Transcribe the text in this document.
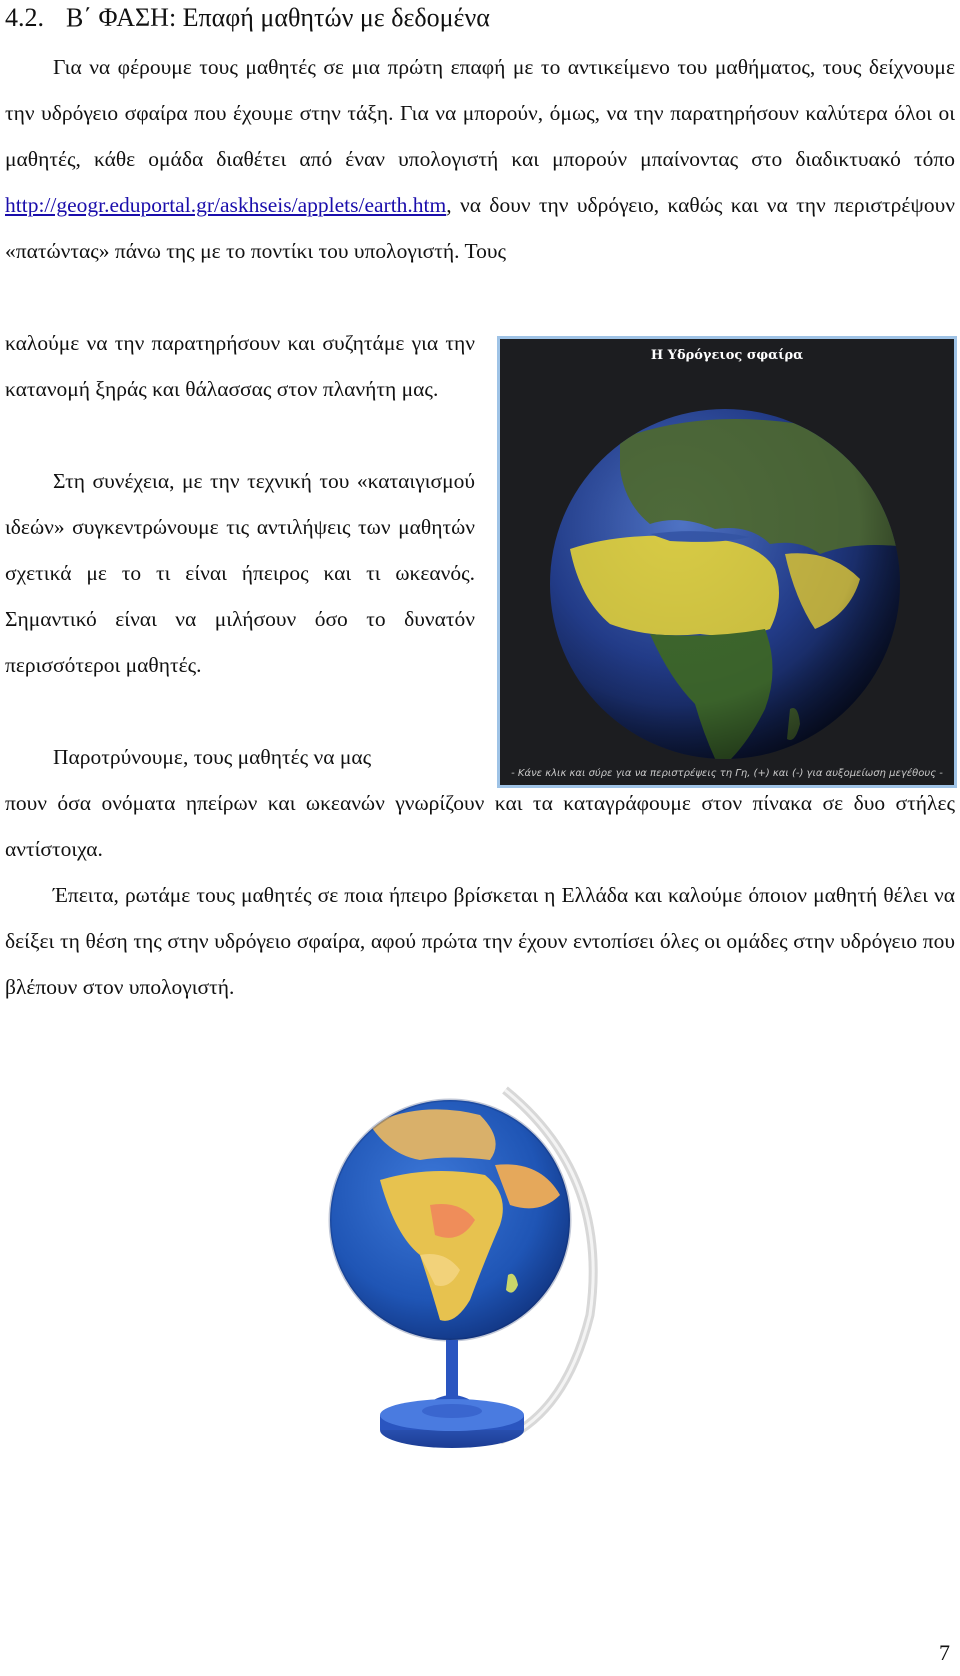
4.2. Β΄ ΦΑΣΗ: Επαφή μαθητών με δεδομένα

Για να φέρουμε τους μαθητές σε μια πρώτη επαφή με το αντικείμενο του μαθήματος, τους δείχνουμε την υδρόγειο σφαίρα που έχουμε στην τάξη. Για να μπορούν, όμως, να την παρατηρήσουν καλύτερα όλοι οι μαθητές, κάθε ομάδα διαθέτει από έναν υπολογιστή και μπορούν μπαίνοντας στο διαδικτυακό τόπο http://geogr.eduportal.gr/askhseis/applets/earth.htm, να δουν την υδρόγειο, καθώς και να την περιστρέψουν «πατώντας» πάνω της με το ποντίκι του υπολογιστή. Τους

καλούμε να την παρατηρήσουν και συζητάμε για την κατανομή ξηράς και θάλασσας στον πλανήτη μας.

Στη συνέχεια, με την τεχνική του «καταιγισμού ιδεών» συγκεντρώνουμε τις αντιλήψεις των μαθητών σχετικά με το τι είναι ήπειρος και τι ωκεανός. Σημαντικό είναι να μιλήσουν όσο το δυνατόν περισσότεροι μαθητές.

Παροτρύνουμε, τους μαθητές να μας

πουν όσα ονόματα ηπείρων και ωκεανών γνωρίζουν και τα καταγράφουμε στον πίνακα σε δυο στήλες αντίστοιχα.

Έπειτα, ρωτάμε τους μαθητές σε ποια ήπειρο βρίσκεται η Ελλάδα και καλούμε όποιον μαθητή θέλει να δείξει τη θέση της στην υδρόγειο σφαίρα, αφού πρώτα την έχουν εντοπίσει όλες οι ομάδες στην υδρόγειο που βλέπουν στον υπολογιστή.

Η Υδρόγειος σφαίρα
- Κάνε κλικ και σύρε για να περιστρέψεις τη Γη, (+) και (-) για αυξομείωση μεγέθους -
7
